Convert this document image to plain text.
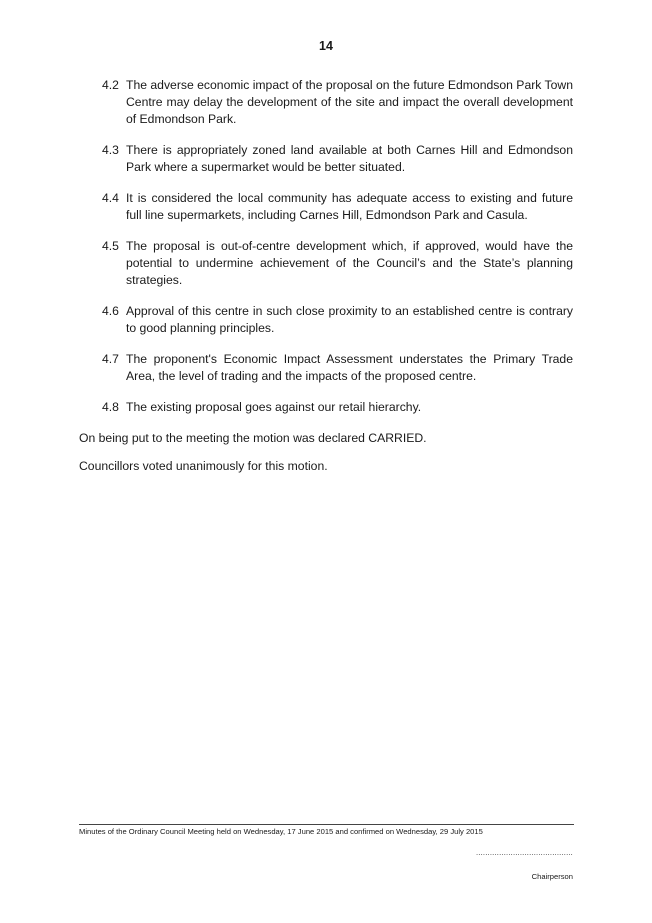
14
4.2 The adverse economic impact of the proposal on the future Edmondson Park Town Centre may delay the development of the site and impact the overall development of Edmondson Park.
4.3 There is appropriately zoned land available at both Carnes Hill and Edmondson Park where a supermarket would be better situated.
4.4 It is considered the local community has adequate access to existing and future full line supermarkets, including Carnes Hill, Edmondson Park and Casula.
4.5 The proposal is out-of-centre development which, if approved, would have the potential to undermine achievement of the Council’s and the State’s planning strategies.
4.6 Approval of this centre in such close proximity to an established centre is contrary to good planning principles.
4.7 The proponent's Economic Impact Assessment understates the Primary Trade Area, the level of trading and the impacts of the proposed centre.
4.8 The existing proposal goes against our retail hierarchy.
On being put to the meeting the motion was declared CARRIED.
Councillors voted unanimously for this motion.
Minutes of the Ordinary Council Meeting held on Wednesday, 17 June 2015 and confirmed on Wednesday, 29 July 2015
..........................................
Chairperson
